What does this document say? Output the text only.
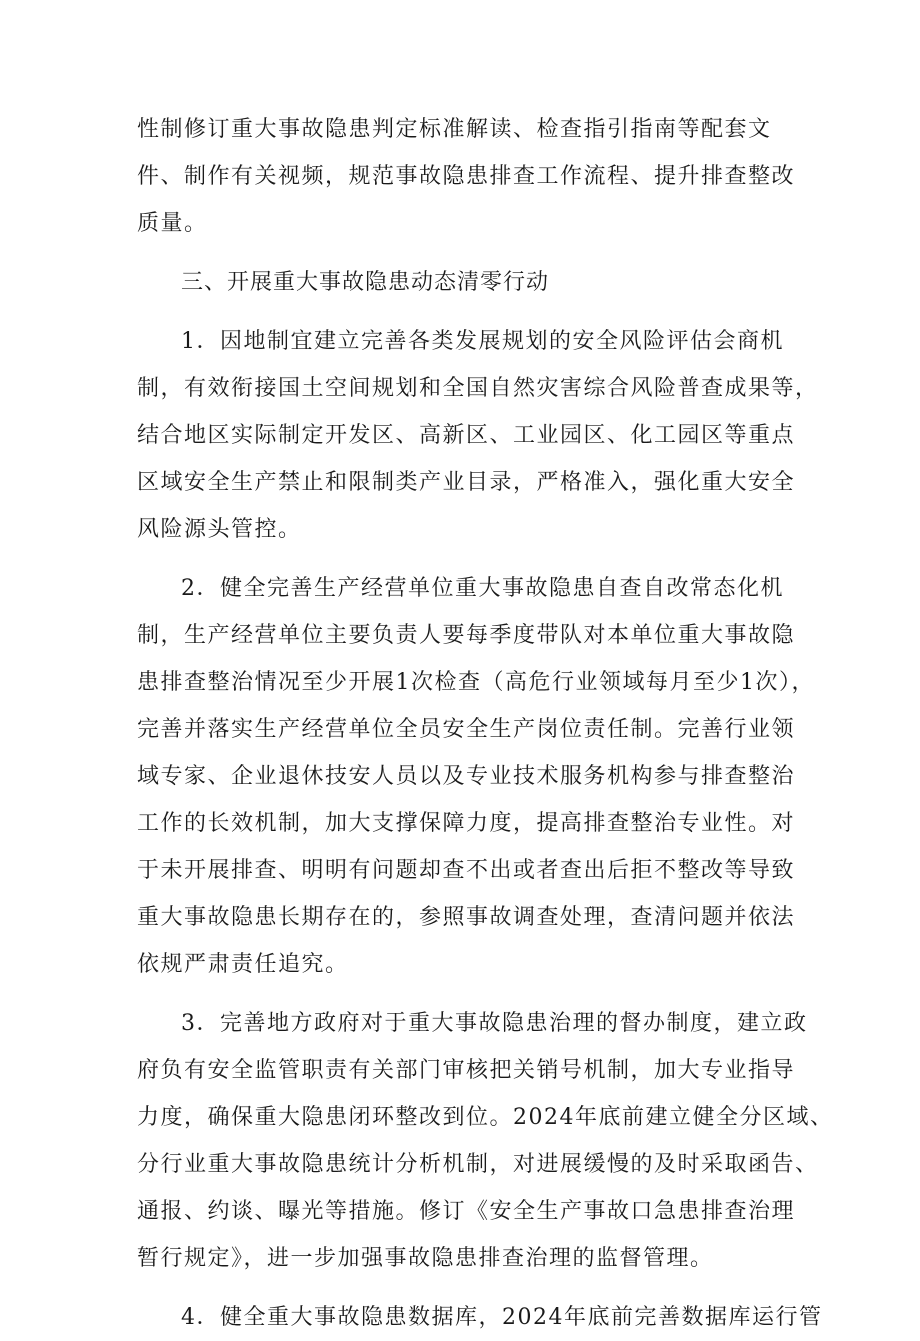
性制修订重大事故隐患判定标准解读、检查指引指南等配套文
件、制作有关视频，规范事故隐患排查工作流程、提升排查整改
质量。
三、开展重大事故隐患动态清零行动
1．因地制宜建立完善各类发展规划的安全风险评估会商机
制，有效衔接国土空间规划和全国自然灾害综合风险普查成果等，
结合地区实际制定开发区、高新区、工业园区、化工园区等重点
区域安全生产禁止和限制类产业目录，严格准入，强化重大安全
风险源头管控。
2．健全完善生产经营单位重大事故隐患自查自改常态化机
制，生产经营单位主要负责人要每季度带队对本单位重大事故隐
患排查整治情况至少开展1次检查（高危行业领域每月至少1次），
完善并落实生产经营单位全员安全生产岗位责任制。完善行业领
域专家、企业退休技安人员以及专业技术服务机构参与排查整治
工作的长效机制，加大支撑保障力度，提高排查整治专业性。对
于未开展排查、明明有问题却查不出或者查出后拒不整改等导致
重大事故隐患长期存在的，参照事故调查处理，查清问题并依法
依规严肃责任追究。
3．完善地方政府对于重大事故隐患治理的督办制度，建立政
府负有安全监管职责有关部门审核把关销号机制，加大专业指导
力度，确保重大隐患闭环整改到位。2024年底前建立健全分区域、
分行业重大事故隐患统计分析机制，对进展缓慢的及时采取函告、
通报、约谈、曝光等措施。修订《安全生产事故口急患排查治理
暂行规定》，进一步加强事故隐患排查治理的监督管理。
4．健全重大事故隐患数据库，2024年底前完善数据库运行管
